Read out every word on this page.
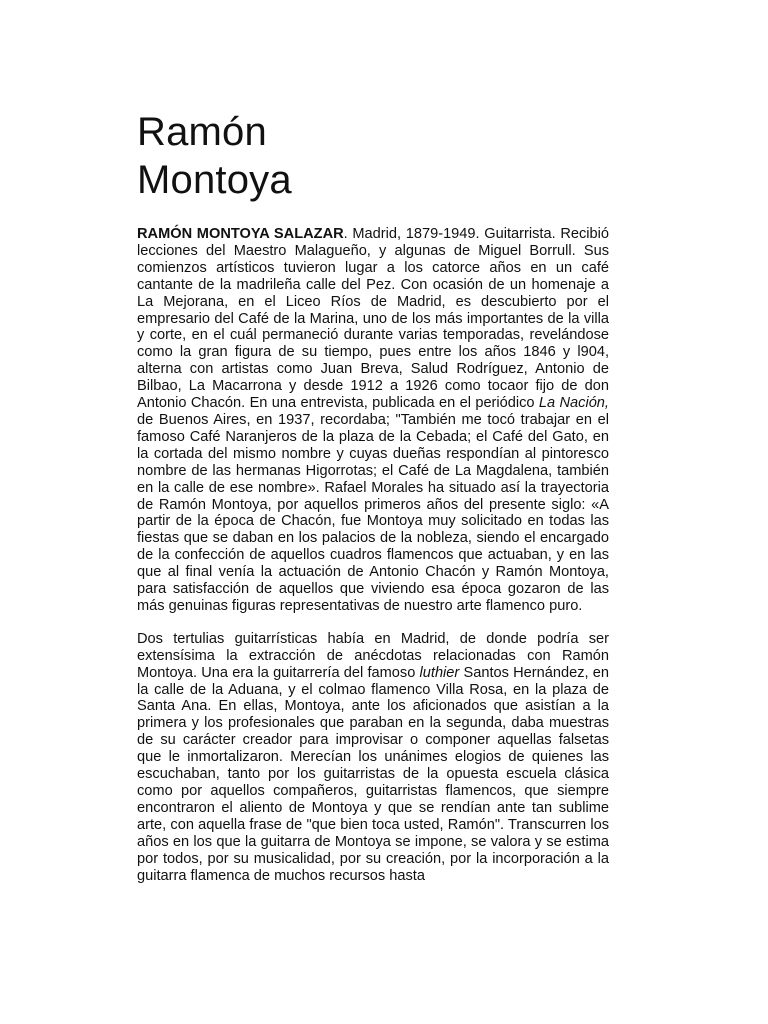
Ramón
Montoya

RAMÓN MONTOYA SALAZAR. Madrid, 1879-1949. Guitarrista. Recibió lecciones del Maestro Malagueño, y algunas de Miguel Borrull. Sus comienzos artísticos tuvieron lugar a los catorce años en un café cantante de la madrileña calle del Pez. Con ocasión de un homenaje a La Mejorana, en el Liceo Ríos de Madrid, es descubierto por el empresario del Café de la Marina, uno de los más importantes de la villa y corte, en el cuál permaneció durante varias temporadas, revelándose como la gran figura de su tiempo, pues entre los años 1846 y l904, alterna con artistas como Juan Breva, Salud Rodríguez, Antonio de Bilbao, La Macarrona y desde 1912 a 1926 como tocaor fijo de don Antonio Chacón. En una entrevista, publicada en el periódico La Nación, de Buenos Aires, en 1937, recordaba; "También me tocó trabajar en el famoso Café Naranjeros de la plaza de la Cebada; el Café del Gato, en la cortada del mismo nombre y cuyas dueñas respondían al pintoresco nombre de las hermanas Higorrotas; el Café de La Magdalena, también en la calle de ese nombre». Rafael Morales ha situado así la trayectoria de Ramón Montoya, por aquellos primeros años del presente siglo: «A partir de la época de Chacón, fue Montoya muy solicitado en todas las fiestas que se daban en los palacios de la nobleza, siendo el encargado de la confección de aquellos cuadros flamencos que actuaban, y en las que al final venía la actuación de Antonio Chacón y Ramón Montoya, para satisfacción de aquellos que viviendo esa época gozaron de las más genuinas figuras representativas de nuestro arte flamenco puro.

Dos tertulias guitarrísticas había en Madrid, de donde podría ser extensísima la extracción de anécdotas relacionadas con Ramón Montoya. Una era la guitarrería del famoso luthier Santos Hernández, en la calle de la Aduana, y el colmao flamenco Villa Rosa, en la plaza de Santa Ana. En ellas, Montoya, ante los aficionados que asistían a la primera y los profesionales que paraban en la segunda, daba muestras de su carácter creador para improvisar o componer aquellas falsetas que le inmortalizaron. Merecían los unánimes elogios de quienes las escuchaban, tanto por los guitarristas de la opuesta escuela clásica como por aquellos compañeros, guitarristas flamencos, que siempre encontraron el aliento de Montoya y que se rendían ante tan sublime arte, con aquella frase de "que bien toca usted, Ramón". Transcurren los años en los que la guitarra de Montoya se impone, se valora y se estima por todos, por su musicalidad, por su creación, por la incorporación a la guitarra flamenca de muchos recursos hasta
